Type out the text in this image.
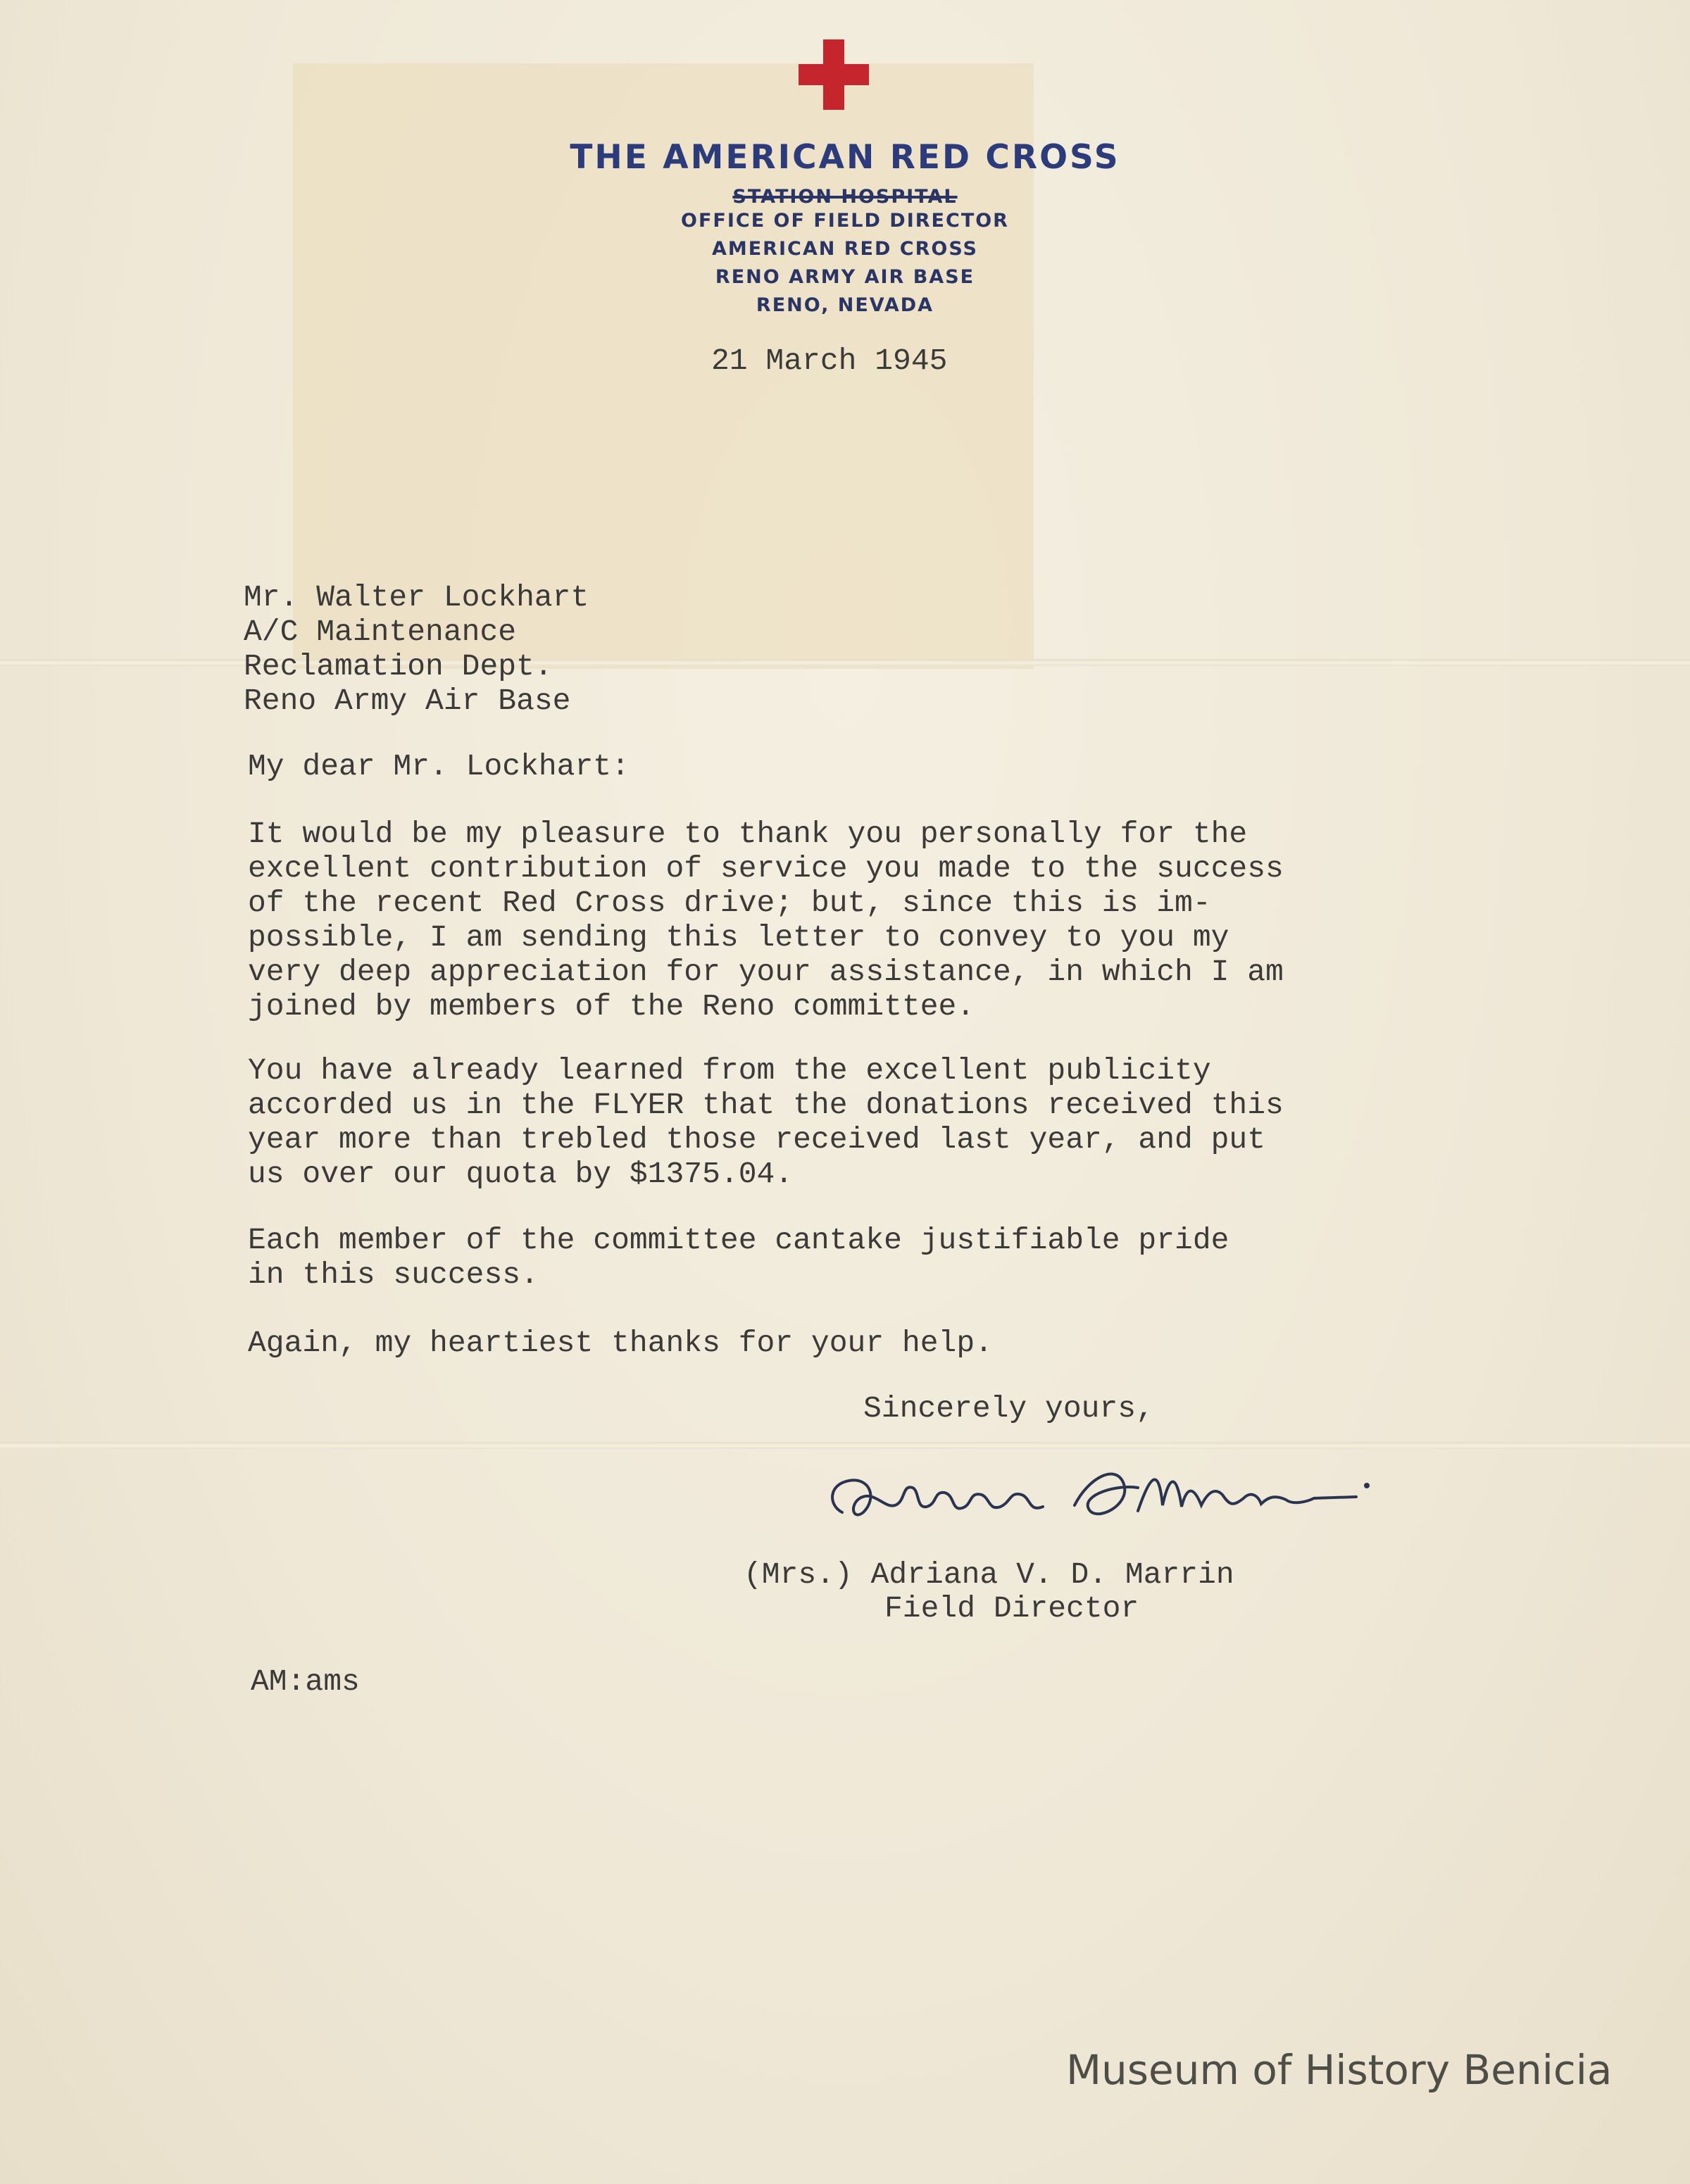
THE AMERICAN RED CROSS
STATION HOSPITAL
OFFICE OF FIELD DIRECTOR
AMERICAN RED CROSS
RENO ARMY AIR BASE
RENO, NEVADA
21 March 1945
Mr. Walter Lockhart
A/C Maintenance
Reclamation Dept.
Reno Army Air Base
My dear Mr. Lockhart:
It would be my pleasure to thank you personally for the
excellent contribution of service you made to the success
of the recent Red Cross drive; but, since this is im-
possible, I am sending this letter to convey to you my
very deep appreciation for your assistance, in which I am
joined by members of the Reno committee.
You have already learned from the excellent publicity
accorded us in the FLYER that the donations received this
year more than trebled those received last year, and put
us over our quota by $1375.04.
Each member of the committee cantake justifiable pride
in this success.
Again, my heartiest thanks for your help.
Sincerely yours,
(Mrs.) Adriana V. D. Marrin
Field Director
AM:ams
Museum of History Benicia
